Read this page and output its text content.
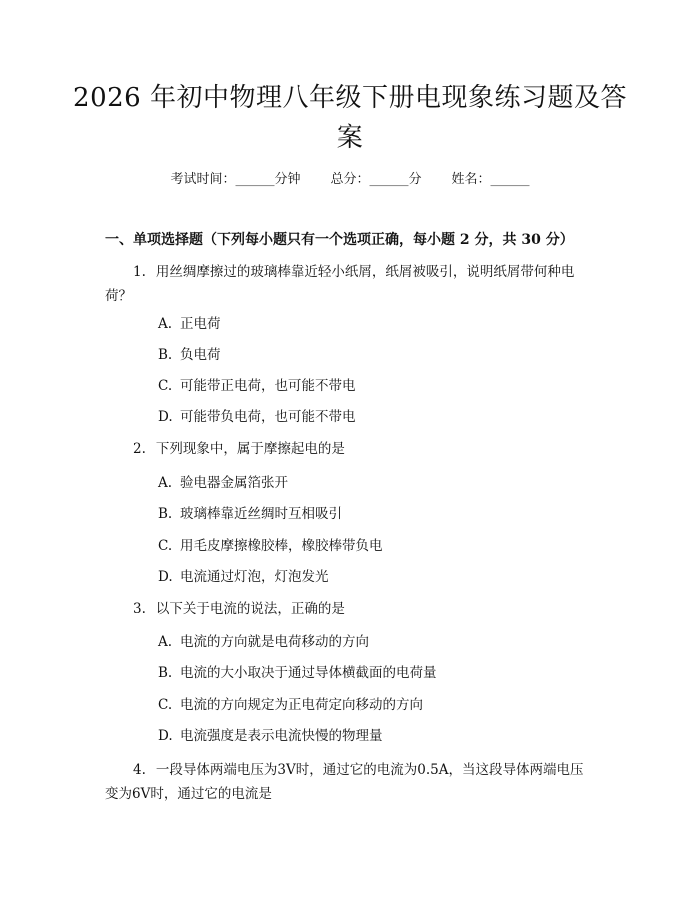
2026 年初中物理八年级下册电现象练习题及答案
考试时间：______分钟 总分：______分 姓名：______
一、单项选择题（下列每小题只有一个选项正确，每小题 2 分，共 30 分）
1. 用丝绸摩擦过的玻璃棒靠近轻小纸屑，纸屑被吸引，说明纸屑带何种电荷？
A. 正电荷
B. 负电荷
C. 可能带正电荷，也可能不带电
D. 可能带负电荷，也可能不带电
2. 下列现象中，属于摩擦起电的是
A. 验电器金属箔张开
B. 玻璃棒靠近丝绸时互相吸引
C. 用毛皮摩擦橡胶棒，橡胶棒带负电
D. 电流通过灯泡，灯泡发光
3. 以下关于电流的说法，正确的是
A. 电流的方向就是电荷移动的方向
B. 电流的大小取决于通过导体横截面的电荷量
C. 电流的方向规定为正电荷定向移动的方向
D. 电流强度是表示电流快慢的物理量
4. 一段导体两端电压为3V时，通过它的电流为0.5A，当这段导体两端电压变为6V时，通过它的电流是
